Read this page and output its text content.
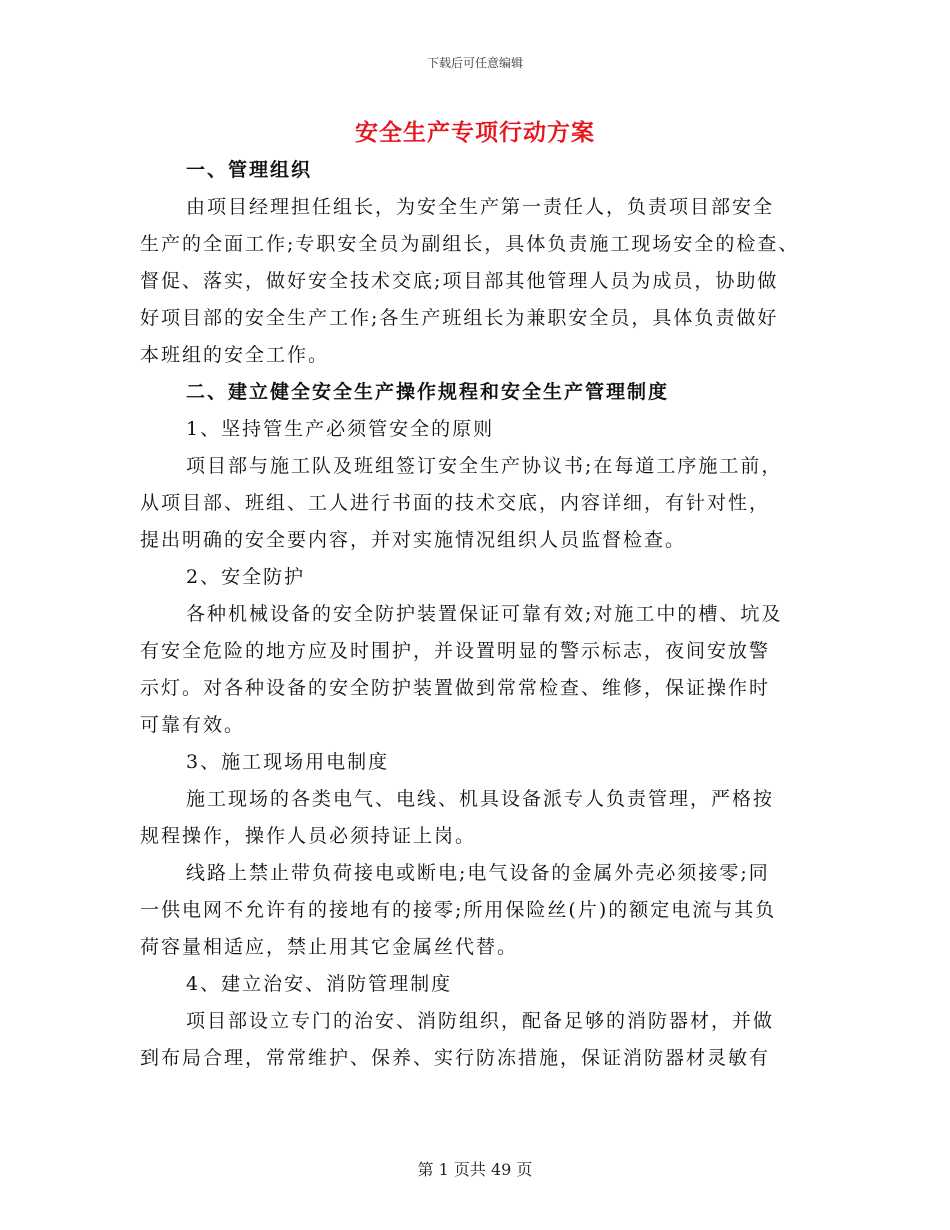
下载后可任意编辑
安全生产专项行动方案
一、管理组织
由项目经理担任组长，为安全生产第一责任人，负责项目部安全
生产的全面工作;专职安全员为副组长，具体负责施工现场安全的检查、
督促、落实，做好安全技术交底;项目部其他管理人员为成员，协助做
好项目部的安全生产工作;各生产班组长为兼职安全员，具体负责做好
本班组的安全工作。
二、建立健全安全生产操作规程和安全生产管理制度
1、坚持管生产必须管安全的原则
项目部与施工队及班组签订安全生产协议书;在每道工序施工前，
从项目部、班组、工人进行书面的技术交底，内容详细，有针对性，
提出明确的安全要内容，并对实施情况组织人员监督检查。
2、安全防护
各种机械设备的安全防护装置保证可靠有效;对施工中的槽、坑及
有安全危险的地方应及时围护，并设置明显的警示标志，夜间安放警
示灯。对各种设备的安全防护装置做到常常检查、维修，保证操作时
可靠有效。
3、施工现场用电制度
施工现场的各类电气、电线、机具设备派专人负责管理，严格按
规程操作，操作人员必须持证上岗。
线路上禁止带负荷接电或断电;电气设备的金属外壳必须接零;同
一供电网不允许有的接地有的接零;所用保险丝(片)的额定电流与其负
荷容量相适应，禁止用其它金属丝代替。
4、建立治安、消防管理制度
项目部设立专门的治安、消防组织，配备足够的消防器材，并做
到布局合理，常常维护、保养、实行防冻措施，保证消防器材灵敏有
第 1 页共 49 页
